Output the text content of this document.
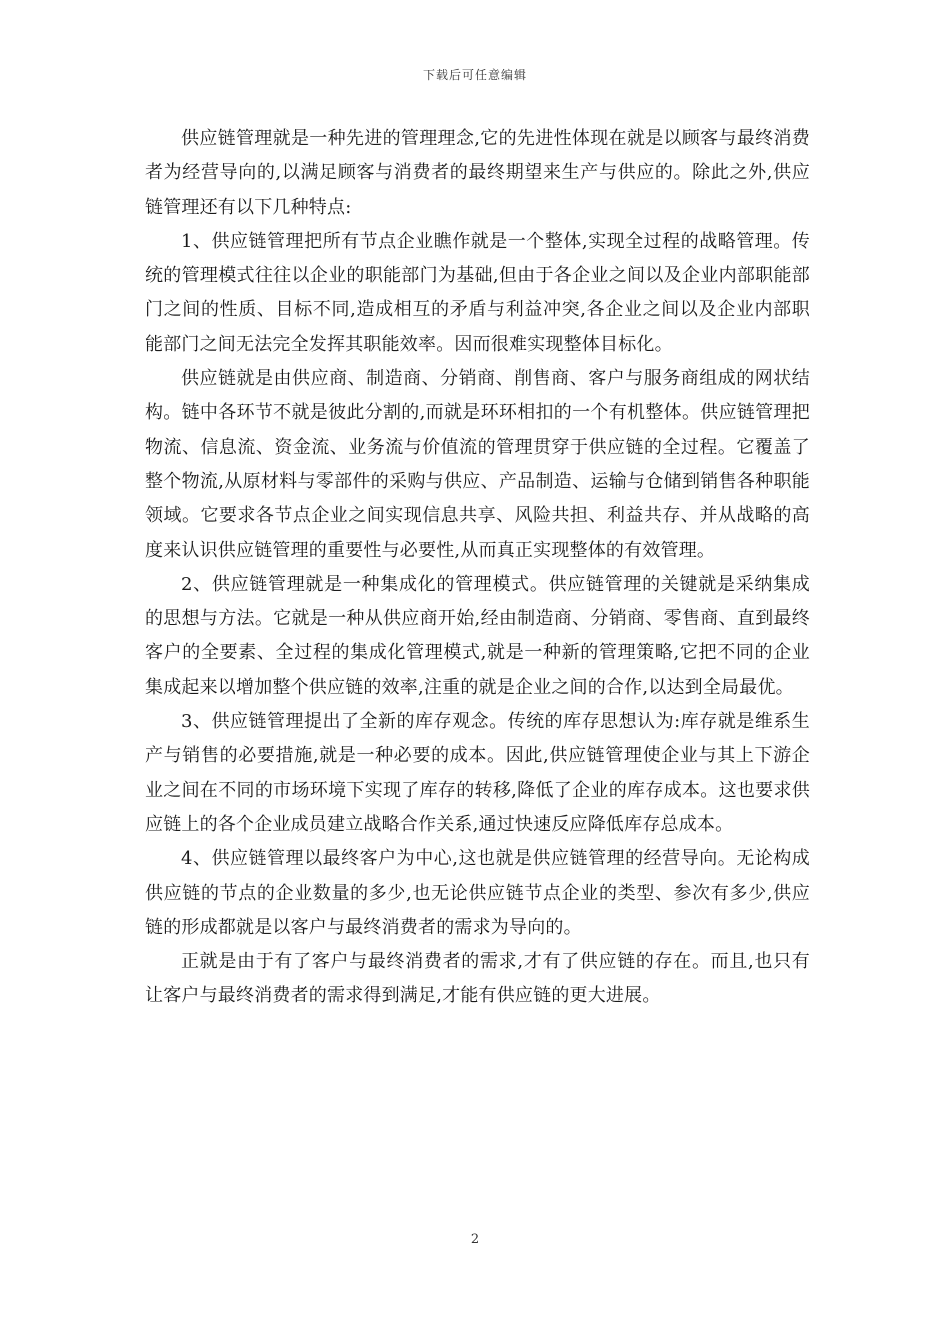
下载后可任意编辑

供应链管理就是一种先进的管理理念,它的先进性体现在就是以顾客与最终消费者为经营导向的,以满足顾客与消费者的最终期望来生产与供应的。除此之外,供应链管理还有以下几种特点:

1、供应链管理把所有节点企业瞧作就是一个整体,实现全过程的战略管理。传统的管理模式往往以企业的职能部门为基础,但由于各企业之间以及企业内部职能部门之间的性质、目标不同,造成相互的矛盾与利益冲突,各企业之间以及企业内部职能部门之间无法完全发挥其职能效率。因而很难实现整体目标化。

供应链就是由供应商、制造商、分销商、削售商、客户与服务商组成的网状结构。链中各环节不就是彼此分割的,而就是环环相扣的一个有机整体。供应链管理把物流、信息流、资金流、业务流与价值流的管理贯穿于供应链的全过程。它覆盖了整个物流,从原材料与零部件的采购与供应、产品制造、运输与仓储到销售各种职能领域。它要求各节点企业之间实现信息共享、风险共担、利益共存、并从战略的高度来认识供应链管理的重要性与必要性,从而真正实现整体的有效管理。

2、供应链管理就是一种集成化的管理模式。供应链管理的关键就是采纳集成的思想与方法。它就是一种从供应商开始,经由制造商、分销商、零售商、直到最终客户的全要素、全过程的集成化管理模式,就是一种新的管理策略,它把不同的企业集成起来以增加整个供应链的效率,注重的就是企业之间的合作,以达到全局最优。

3、供应链管理提出了全新的库存观念。传统的库存思想认为:库存就是维系生产与销售的必要措施,就是一种必要的成本。因此,供应链管理使企业与其上下游企业之间在不同的市场环境下实现了库存的转移,降低了企业的库存成本。这也要求供应链上的各个企业成员建立战略合作关系,通过快速反应降低库存总成本。

4、供应链管理以最终客户为中心,这也就是供应链管理的经营导向。无论构成供应链的节点的企业数量的多少,也无论供应链节点企业的类型、参次有多少,供应链的形成都就是以客户与最终消费者的需求为导向的。

正就是由于有了客户与最终消费者的需求,才有了供应链的存在。而且,也只有让客户与最终消费者的需求得到满足,才能有供应链的更大进展。

2
